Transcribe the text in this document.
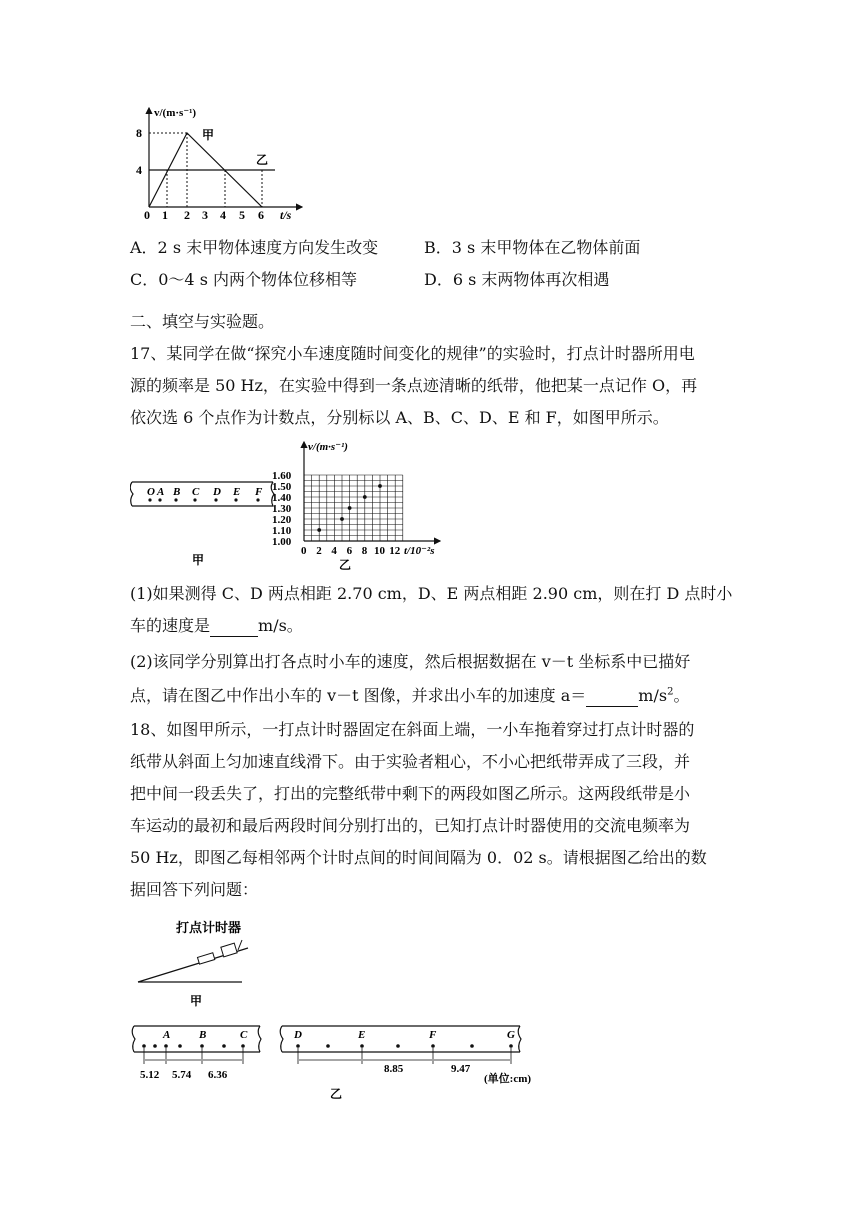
v/(m·s⁻¹)
t/s
4
8
0 1 2 3 4 5 6
甲
乙
A．2 s 末甲物体速度方向发生改变	B．3 s 末甲物体在乙物体前面
C．0～4 s 内两个物体位移相等	D．6 s 末两物体再次相遇
二、填空与实验题。
17、某同学在做“探究小车速度随时间变化的规律”的实验时，打点计时器所用电
源的频率是 50 Hz，在实验中得到一条点迹清晰的纸带，他把某一点记作 O，再
依次选 6 个点作为计数点，分别标以 A、B、C、D、E 和 F，如图甲所示。
O A B C D E F
甲
1.00
1.10
1.20
1.30
1.40
1.50
1.60
0 2 4 6 8 10 12
v/(m·s⁻¹)
t/10⁻²s
乙
(1)如果测得 C、D 两点相距 2.70 cm，D、E 两点相距 2.90 cm，则在打 D 点时小
车的速度是	m/s。
(2)该同学分别算出打各点时小车的速度，然后根据数据在 v－t 坐标系中已描好
点，请在图乙中作出小车的 v－t 图像，并求出小车的加速度 a＝	$m/s^2$。
18、如图甲所示，一打点计时器固定在斜面上端，一小车拖着穿过打点计时器的
纸带从斜面上匀加速直线滑下。由于实验者粗心，不小心把纸带弄成了三段，并
把中间一段丢失了，打出的完整纸带中剩下的两段如图乙所示。这两段纸带是小
车运动的最初和最后两段时间分别打出的，已知打点计时器使用的交流电频率为
50 Hz，即图乙每相邻两个计时点间的时间间隔为 0．02 s。请根据图乙给出的数
据回答下列问题：
打点计时器
甲
A	B	C
5.12 5.74 6.36
D	E	F	G
8.85	9.47
(单位:cm)
乙
